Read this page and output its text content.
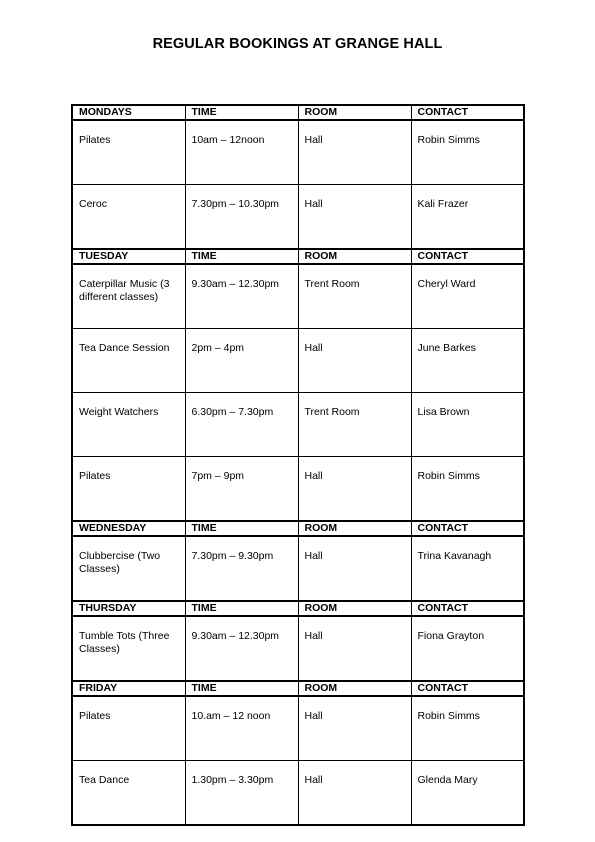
REGULAR BOOKINGS AT GRANGE HALL
MONDAYS	TIME	ROOM	CONTACT
Pilates	10am – 12noon	Hall	Robin Simms
Ceroc	7.30pm – 10.30pm	Hall	Kali Frazer
TUESDAY	TIME	ROOM	CONTACT
Caterpillar Music (3 different classes)	9.30am – 12.30pm	Trent Room	Cheryl Ward
Tea Dance Session	2pm – 4pm	Hall	June Barkes
Weight Watchers	6.30pm – 7.30pm	Trent Room	Lisa Brown
Pilates	7pm – 9pm	Hall	Robin Simms
WEDNESDAY	TIME	ROOM	CONTACT
Clubbercise (Two Classes)	7.30pm – 9.30pm	Hall	Trina Kavanagh
THURSDAY	TIME	ROOM	CONTACT
Tumble Tots (Three Classes)	9.30am – 12.30pm	Hall	Fiona Grayton
FRIDAY	TIME	ROOM	CONTACT
Pilates	10.am – 12 noon	Hall	Robin Simms
Tea Dance	1.30pm – 3.30pm	Hall	Glenda Mary
